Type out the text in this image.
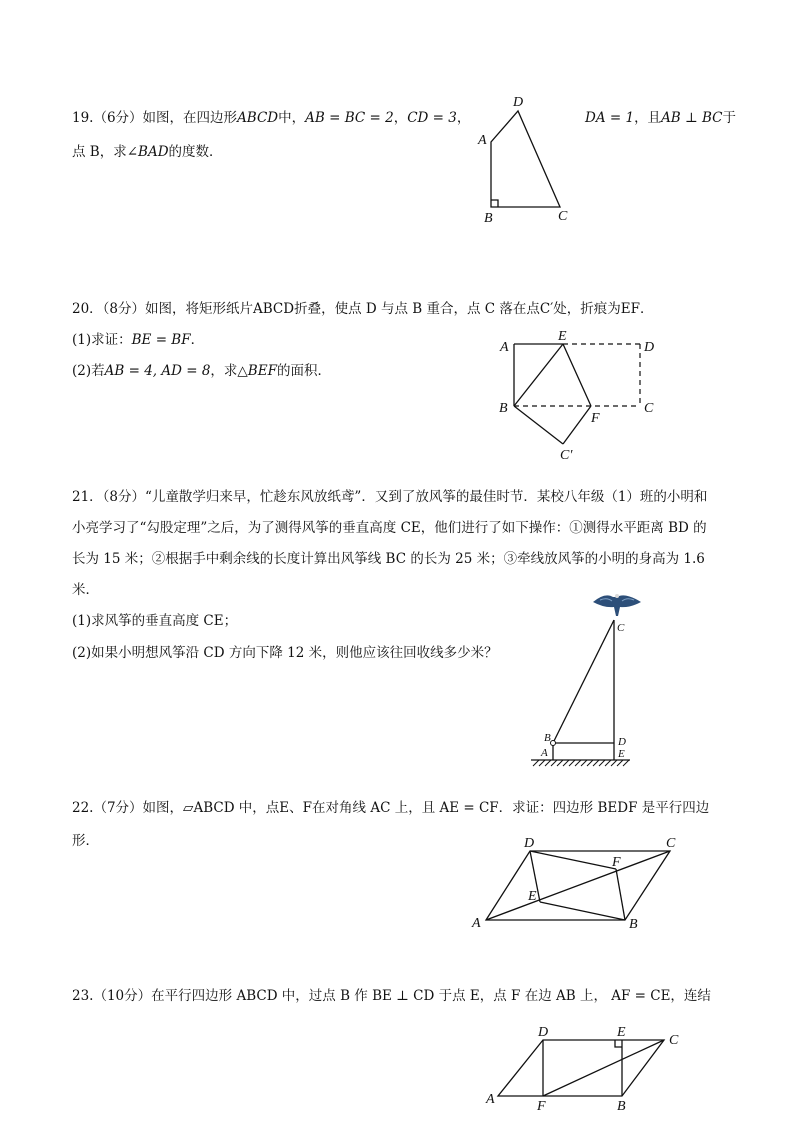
19.（6分）如图，在四边形ABCD中，AB = BC = 2，CD = 3，	DA = 1，且AB ⊥ BC于
点 B，求∠BAD的度数．
20．（8分）如图，将矩形纸片ABCD折叠，使点 D 与点 B 重合，点 C 落在点C′处，折痕为EF．
(1)求证：BE = BF．
(2)若AB = 4, AD = 8，求△BEF的面积．
21．（8分）“儿童散学归来早，忙趁东风放纸鸢”．又到了放风筝的最佳时节．某校八年级（1）班的小明和
小亮学习了“勾股定理”之后，为了测得风筝的垂直高度 CE，他们进行了如下操作：①测得水平距离 BD 的
长为 15 米；②根据手中剩余线的长度计算出风筝线 BC 的长为 25 米；③牵线放风筝的小明的身高为 1.6
米．
(1)求风筝的垂直高度 CE；
(2)如果小明想风筝沿 CD 方向下降 12 米，则他应该往回收线多少米？
22.（7分）如图，▱ABCD 中，点E、F在对角线 AC 上，且 AE = CF．求证：四边形 BEDF 是平行四边
形．
23.（10分）在平行四边形 ABCD 中，过点 B 作 BE ⊥ CD 于点 E，点 F 在边 AB 上， AF = CE，连结
D
A
B	C
A
E
D
B
F
C
C′
C
B	D
A	E
A	B
C
D
E
F
A	F	B
D	E
C
